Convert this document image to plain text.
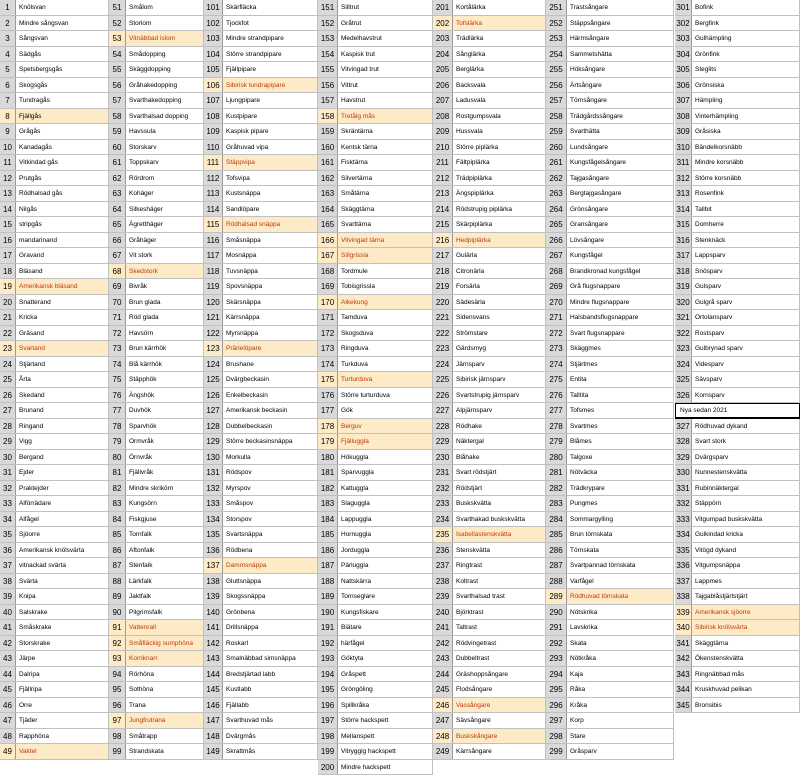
1	Knölsvan
2	Mindre sångsvan
3	Sångsvan
4	Sädgås
5	Spetsbergsgås
6	Skogsgås
7	Tundragås
8	Fjällgås
9	Grågås
10	Kanadagås
11	Vitkindad gås
12	Prutgås
13	Rödhalsad gås
14	Nilgås
15	stripgås
16	mandarinand
17	Gravand
18	Bläsand
19	Amerikansk bläsand
20	Snatterand
21	Kricka
22	Gräsand
23	Svartand
24	Stjärtand
25	Årta
26	Skedand
27	Brunand
28	Ringand
29	Vigg
30	Bergand
31	Ejder
32	Praktejder
33	Alförrädare
34	Alfågel
35	Sjöorre
36	Amerikansk knölsvärta
37	vitnackad svärta
38	Svärta
39	Knipa
40	Salskrake
41	Småskrake
42	Storskrake
43	Järpe
44	Dalripa
45	Fjällripa
46	Orre
47	Tjäder
48	Rapphöna
49	Vaktel
51	Smålom
52	Storlom
53	Vitnäbbad islom
54	Smådopping
55	Skäggdopping
56	Gråhakedopping
57	Svarthakedopping
58	Svarthalsad dopping
59	Havssula
60	Storskarv
61	Toppskarv
62	Rördrom
63	Kohäger
64	Silkeshäger
65	Ägretthäger
66	Gråhäger
67	Vit stork
68	Skedstork
69	Bivråk
70	Brun glada
71	Röd glada
72	Havsörn
73	Brun kärrhök
74	Blå kärrhök
75	Stäpphök
76	Ängshök
77	Duvhök
78	Sparvhök
79	Ormvråk
80	Örnvråk
81	Fjällvråk
82	Mindre skrikörn
83	Kungsörn
84	Fiskgjuse
85	Tornfalk
86	Aftonfalk
87	Stenfalk
88	Lärkfalk
89	Jaktfalk
90	Pilgrimsfalk
91	Vattenrall
92	Småfläckig sumphöna
93	Kornknarr
94	Rörhöna
95	Sothöna
96	Trana
97	Jungfrutrana
98	Småtrapp
99	Strandskata
101 Skärfläcka
102 Tjockfot
103 Mindre strandpipare
104 Större strandpipare
105 Fjällpipare
106 Sibirisk tundrapipare
107 Ljungpipare
108 Kustpipare
109 Kaspisk pipare
110	Gråhuvad vipa
111	Stäppvipa
112	Tofsvipa
113	Kustsnäppa
114	Sandlöpare
115	Rödhalsad snäppa
116	Småsnäppa
117	Mosnäppa
118	Tuvsnäppa
119	Spovsnäppa
120 Skärsnäppa
121 Kärrsnäppa
122 Myrsnäppa
123 Prärielöpare
124 Brushane
125 Dvärgbeckasin
126 Enkelbeckasin
127 Amerikansk beckasin
128 Dubbelbeckasin
129 Större beckasinsnäppa
130 Morkulla
131 Rödspov
132 Myrspov
133 Småspov
134 Storspov
135 Svartsnäppa
136 Rödbena
137 Dammsnäppa
138 Gluttsnäppa
139 Skogssnäppa
140 Grönbena
141 Drillsnäppa
142 Roskarl
143 Smalnäbbad simsnäppa
144 Bredstjärtad labb
145 Kustlabb
146 Fjällabb
147 Svarthuvad mås
148 Dvärgmås
149 Skrattmås
151	Silltrut
152	Gråtrut
153	Medelhavstrut
154	Kaspisk trut
155	Vitvingad trut
156	Vittrut
157	Havstrut
158	Tretåig mås
159	Skräntärna
160	Kentsk tärna
161	Fisktärna
162	Silvertärna
163	Småtärna
164	Skäggtärna
165	Svarttärna
166	Vitvingad tärna
167	Sillgrissla
168	Tordmule
169	Tobisgrissla
170	Alkekung
171	Tamduva
172	Skogsduva
173	Ringduva
174	Turkduva
175	Turturduva
176	Större turturduva
177	Gök
178	Berguv
179	Fjälluggla
180	Hökuggla
181	Sparvuggla
182	Kattuggla
183	Slaguggla
184	Lappuggla
185	Hornuggla
186	Jorduggla
187	Pärluggla
188	Nattskärra
189	Tornseglare
190	Kungsfiskare
191	Biätare
192	härfågel
193	Göktyta
194	Gråspett
195	Gröngöling
196	Spillkråka
197	Större hackspett
198	Mellanspett
199	Vitryggig hackspett
200	Mindre hackspett
201	Kortålärka
202	Tofslärka
203	Trädlärka
204	Sånglärka
205	Berglärka
206	Backsvala
207	Ladusvala
208	Rostgumpsvala
209	Hussvala
210	Större piplärka
211	Fältpiplärka
212	Trädpiplärka
213	Ängspiplärka
214	Rödstrupig piplärka
215	Skärpiplärka
216	Hedpiplärka
217	Gulärla
218	Citronärla
219	Forsärla
220	Sädesärla
221	Sidensvans
222	Strömstare
223	Gärdsmyg
224	Järnsparv
225	Sibirisk järnsparv
226	Svartstrupig järnsparv
227	Alpjärnsparv
228	Rödhake
229	Näktergal
230	Blåhake
231	Svart rödstjärt
232	Rödstjärt
233	Buskskvätta
234	Svarthakad buskskvätta
235	Isabellastenskvätta
236	Stenskvätta
237	Ringtrast
238	Koltrast
239	Svarthalsad trast
240	Björktrast
241	Taltrast
242	Rödvingetrast
243	Dubbeltrast
244	Gräshoppsångare
245	Flodsångare
246	Vassångare
247	Sävsångare
248	Buskskångare
249	Kärrsångare
251	Trastsångare
252	Stäppsångare
253	Härmsångare
254	Sammetshätta
255	Höksångare
256	Ärtsångare
257	Törnsångare
258	Trädgårdssångare
259	Svarthätta
260	Lundsångare
261	Kungsfågelsångare
262	Tajgasångare
263	Bergtajgasångare
264	Grönsångare
265	Gransångare
266	Lövsångare
267	Kungsfågel
268	Brandkronad kungsfågel
269	Grå flugsnappare
270	Mindre flugsnappare
271	Halsbandsflugsnappare
272	Svart flugsnappare
273	Skäggmes
274	Stjärtmes
275	Entita
276	Talltita
277	Tofsmes
278	Svartmes
279	Blåmes
280	Talgoxe
281	Nötväcka
282	Trädkrypare
283	Pungmes
284	Sommargylling
285	Brun törnskata
286	Törnskata
287	Svartpannad törnskata
288	Varfågel
289	Rödhuvad törnskata
290	Nötskrika
291	Lavskrika
292	Skata
293	Nötkråka
294	Kaja
295	Råka
296	Kråka
297	Korp
298	Stare
299	Gråsparv
301 Bofink
302 Bergfink
303 Gulhämpling
304 Grönfink
305 Steglits
306 Grönsiska
307 Hämpling
308 Vinterhämpling
309 Gråsiska
310 Bändelkorsnäbb
311 Mindre korsnäbb
312 Större korsnäbb
313 Rosenfink
314 Tallbit
315 Domherre
316 Stenknäck
317 Lappsparv
318 Snösparv
319 Gulsparv
320 Gulgrå sparv
321 Ortolansparv
322 Rostsparv
323 Gulbrynad sparv
324 Videsparv
325 Sävsparv
326 Kornsparv
Nya sedan 2021
327 Rödhuvad dykand
328 Svart stork
329 Dvärgsparv
330 Nunnestenskvätta
331 Rubinnäktergal
332 Stäppörn
333 Vitgumpad buskskvätta
334 Gulkindad kricka
335 Vitögd dykand
336 Vitgumpsnäppa
337 Lappmes
338 Tajgablåstjärtstjärt
339 Amerikansk sjöorre
340 Sibirisk knölsvärta
341 Skäggtärna
342 Ökenstenskvätta
343 Ringnäbbad mås
344 Kruskhuvad pelikan
345 Bronsibis
